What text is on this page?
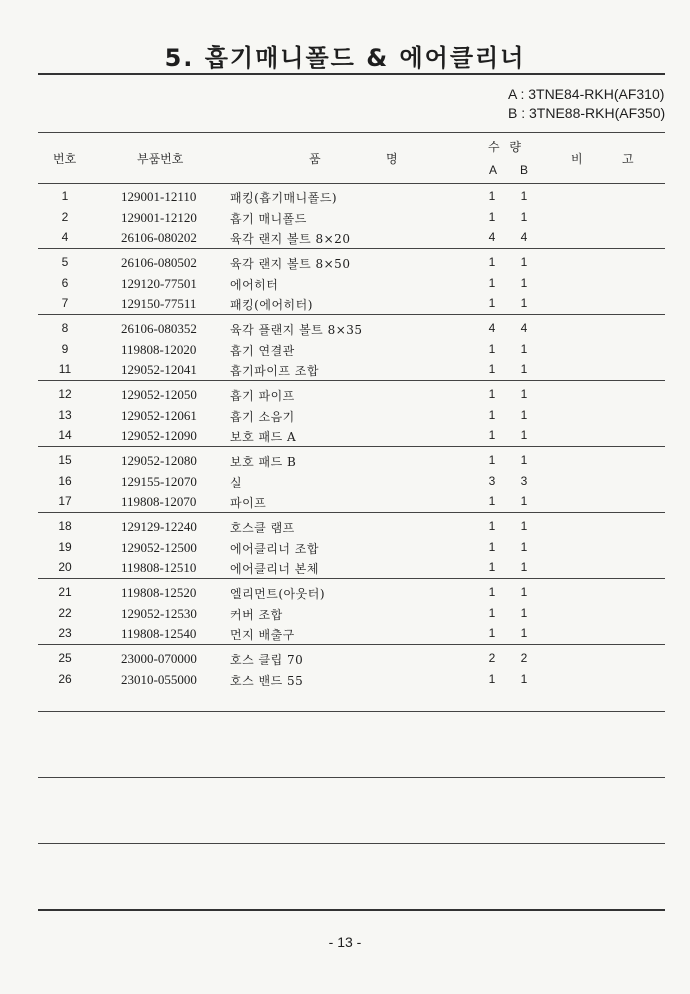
5. 흡기매니폴드 & 에어클리너
A : 3TNE84-RKH(AF310)
B : 3TNE88-RKH(AF350)
번호	부품번호	품	명
수 량
A B
비	고
1	129001-12110	패킹(흡기매니폴드)	1	1
2	129001-12120	흡기 매니폴드	1	1
4	26106-080202	육각 랜지 볼트 8×20	4	4
5	26106-080502	육각 랜지 볼트 8×50	1	1
6	129120-77501	에어히터	1	1
7	129150-77511	패킹(에어히터)	1	1
8	26106-080352	육각 플랜지 볼트 8×35	4	4
9	119808-12020	흡기 연결관	1	1
11	129052-12041	흡기파이프 조합	1	1
12	129052-12050	흡기 파이프	1	1
13	129052-12061	흡기 소음기	1	1
14	129052-12090	보호 패드 A	1	1
15	129052-12080	보호 패드 B	1	1
16	129155-12070	실	3	3
17	119808-12070	파이프	1	1
18	129129-12240	호스클 램프	1	1
19	129052-12500	에어클리너 조합	1	1
20	119808-12510	에어클리너 본체	1	1
21	119808-12520	엘리먼트(아웃터)	1	1
22	129052-12530	커버 조합	1	1
23	119808-12540	먼지 배출구	1	1
25	23000-070000	호스 클립 70	2	2
26	23010-055000	호스 밴드 55	1	1
- 13 -
